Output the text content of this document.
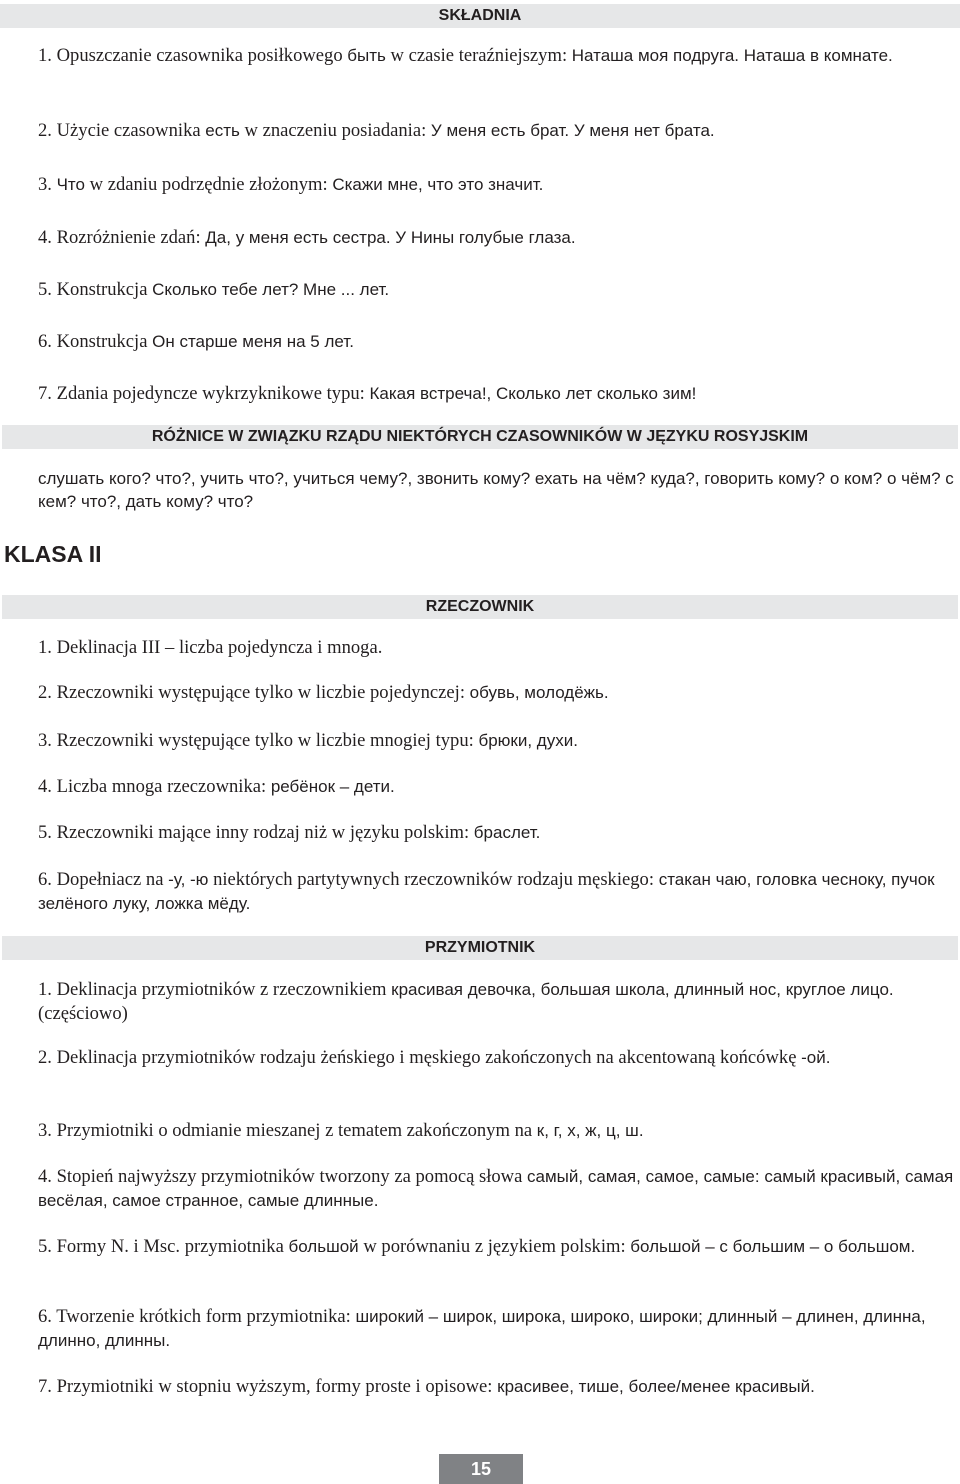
SKŁADNIA
1. Opuszczanie czasownika posiłkowego быть w czasie teraźniejszym: Наташа моя подруга. Наташа в комнате.
2. Użycie czasownika есть w znaczeniu posiadania: У меня есть брат. У меня нет брата.
3. Что w zdaniu podrzędnie złożonym: Скажи мне, что это значит.
4. Rozróżnienie zdań: Да, у меня есть сестра. У Нины голубые глаза.
5. Konstrukcja Сколько тебе лет? Мне ... лет.
6. Konstrukcja Он старше меня на 5 лет.
7. Zdania pojedyncze wykrzyknikowe typu: Какая встреча!, Сколько лет сколько зим!
RÓŻNICE W ZWIĄZKU RZĄDU NIEKTÓRYCH CZASOWNIKÓW W JĘZYKU ROSYJSKIM
слушать кого? что?, учить что?, учиться чему?, звонить кому? ехать на чём? куда?, говорить кому? о ком? о чём? с кем? что?, дать кому? что?
KLASA II
RZECZOWNIK
1. Deklinacja III – liczba pojedyncza i mnoga.
2. Rzeczowniki występujące tylko w liczbie pojedynczej: обувь, молодёжь.
3. Rzeczowniki występujące tylko w liczbie mnogiej typu: брюки, духи.
4. Liczba mnoga rzeczownika: ребёнок – дети.
5. Rzeczowniki mające inny rodzaj niż w języku polskim: браслет.
6. Dopełniacz na -у, -ю niektórych partytywnych rzeczowników rodzaju męskiego: стакан чаю, головка чесноку, пучок зелёного луку, ложка мёду.
PRZYMIOTNIK
1. Deklinacja przymiotników z rzeczownikiem красивая девочка, большая школа, длинный нос, круглое лицо. (częściowo)
2. Deklinacja przymiotników rodzaju żeńskiego i męskiego zakończonych na akcentowaną końcówkę -ой.
3. Przymiotniki o odmianie mieszanej z tematem zakończonym na к, г, х, ж, ц, ш.
4. Stopień najwyższy przymiotników tworzony za pomocą słowa самый, самая, самое, самые: самый красивый, самая весёлая, самое странное, самые длинные.
5. Formy N. i Msc. przymiotnika большой w porównaniu z językiem polskim: большой – с большим – о большом.
6. Tworzenie krótkich form przymiotnika: широкий – широк, широка, широко, широки; длинный – длинен, длинна, длинно, длинны.
7. Przymiotniki w stopniu wyższym, formy proste i opisowe: красивее, тише, более/менее красивый.
15
